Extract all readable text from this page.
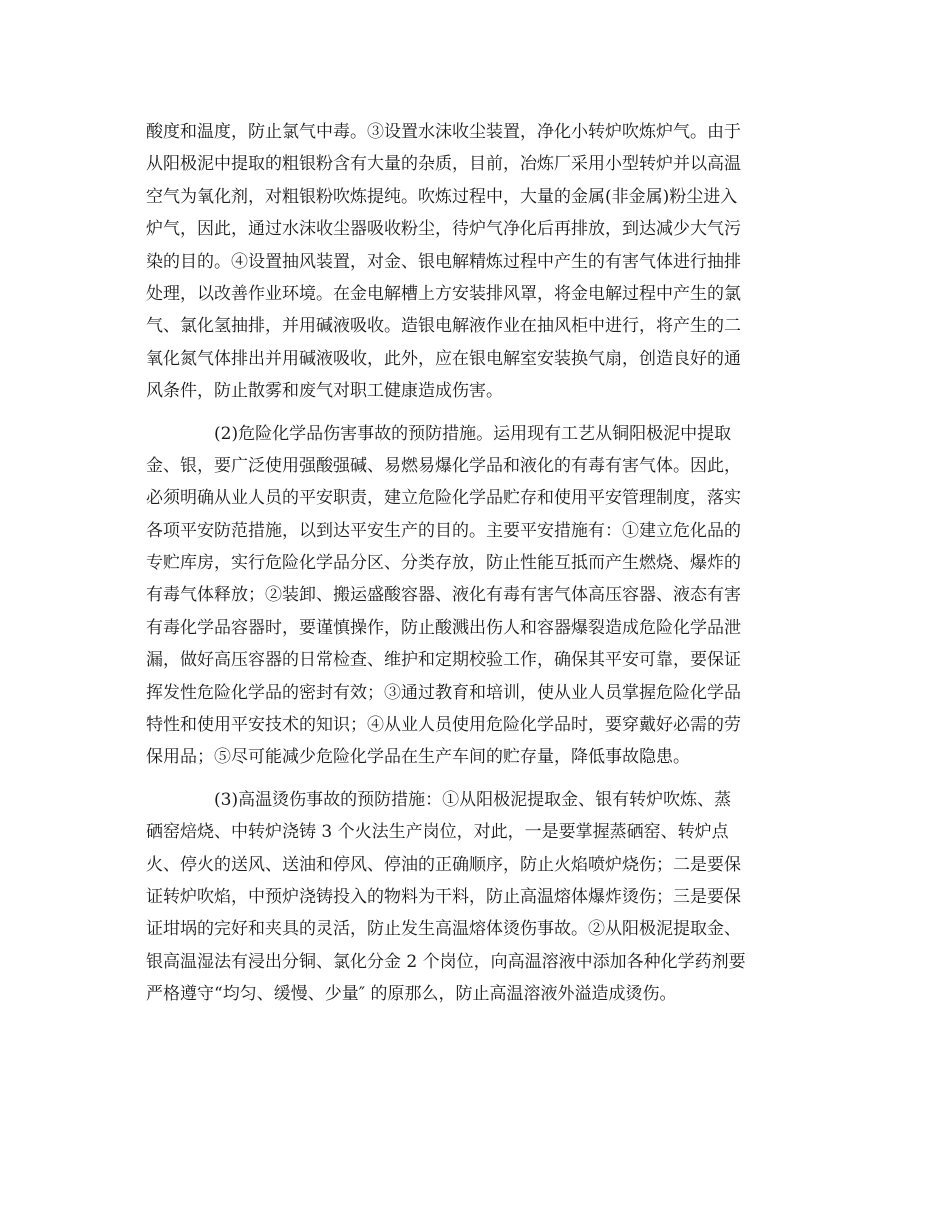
酸度和温度，防止氯气中毒。③设置水沫收尘装置，净化小转炉吹炼炉气。由于
从阳极泥中提取的粗银粉含有大量的杂质，目前，冶炼厂采用小型转炉并以高温
空气为氧化剂，对粗银粉吹炼提纯。吹炼过程中，大量的金属(非金属)粉尘进入
炉气，因此，通过水沫收尘器吸收粉尘，待炉气净化后再排放，到达减少大气污
染的目的。④设置抽风装置，对金、银电解精炼过程中产生的有害气体进行抽排
处理，以改善作业环境。在金电解槽上方安装排风罩，将金电解过程中产生的氯
气、氯化氢抽排，并用碱液吸收。造银电解液作业在抽风柜中进行，将产生的二
氧化氮气体排出并用碱液吸收，此外，应在银电解室安装换气扇，创造良好的通
风条件，防止散雾和废气对职工健康造成伤害。
(2)危险化学品伤害事故的预防措施。运用现有工艺从铜阳极泥中提取
金、银，要广泛使用强酸强碱、易燃易爆化学品和液化的有毒有害气体。因此，
必须明确从业人员的平安职责，建立危险化学品贮存和使用平安管理制度，落实
各项平安防范措施，以到达平安生产的目的。主要平安措施有：①建立危化品的
专贮库房，实行危险化学品分区、分类存放，防止性能互抵而产生燃烧、爆炸的
有毒气体释放；②装卸、搬运盛酸容器、液化有毒有害气体高压容器、液态有害
有毒化学品容器时，要谨慎操作，防止酸溅出伤人和容器爆裂造成危险化学品泄
漏，做好高压容器的日常检查、维护和定期校验工作，确保其平安可靠，要保证
挥发性危险化学品的密封有效；③通过教育和培训，使从业人员掌握危险化学品
特性和使用平安技术的知识；④从业人员使用危险化学品时，要穿戴好必需的劳
保用品；⑤尽可能减少危险化学品在生产车间的贮存量，降低事故隐患。
(3)高温烫伤事故的预防措施：①从阳极泥提取金、银有转炉吹炼、蒸
硒窑焙烧、中转炉浇铸 3 个火法生产岗位，对此，一是要掌握蒸硒窑、转炉点
火、停火的送风、送油和停风、停油的正确顺序，防止火焰喷炉烧伤；二是要保
证转炉吹焰，中预炉浇铸投入的物料为干料，防止高温熔体爆炸烫伤；三是要保
证坩埚的完好和夹具的灵活，防止发生高温熔体烫伤事故。②从阳极泥提取金、
银高温湿法有浸出分铜、氯化分金 2 个岗位，向高温溶液中添加各种化学药剂要
严格遵守“均匀、缓慢、少量″ 的原那么，防止高温溶液外溢造成烫伤。
